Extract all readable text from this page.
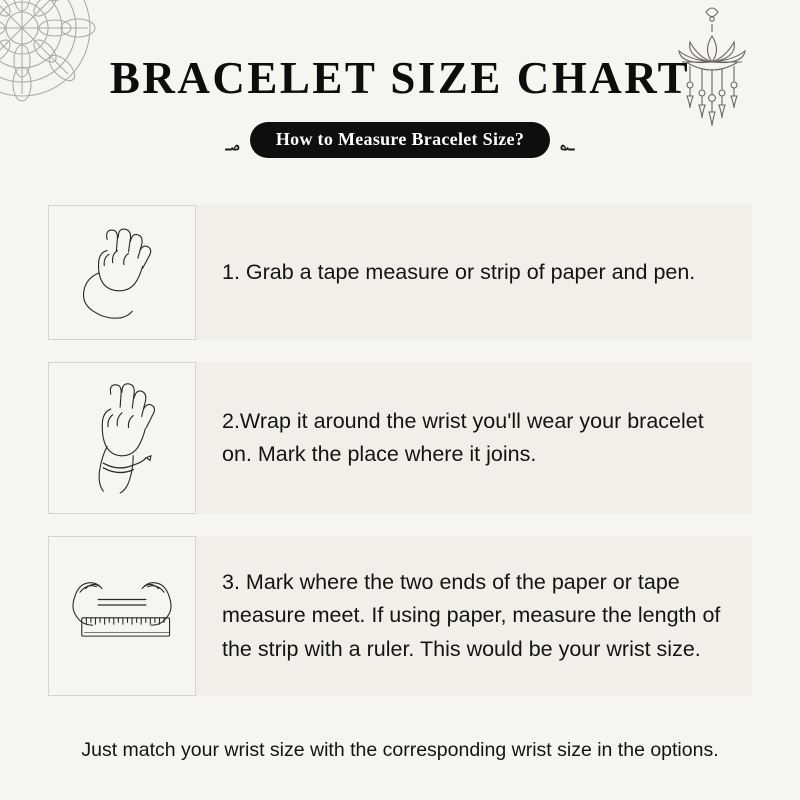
BRACELET SIZE CHART
؃	How to Measure Bracelet Size?	؃
1. Grab a tape measure or strip of paper and pen.
2.Wrap it around the wrist you'll wear your bracelet on. Mark the place where it joins.
3. Mark where the two ends of the paper or tape measure meet. If using paper, measure the length of the strip with a ruler. This would be your wrist size.
Just match your wrist size with the corresponding wrist size in the options.
